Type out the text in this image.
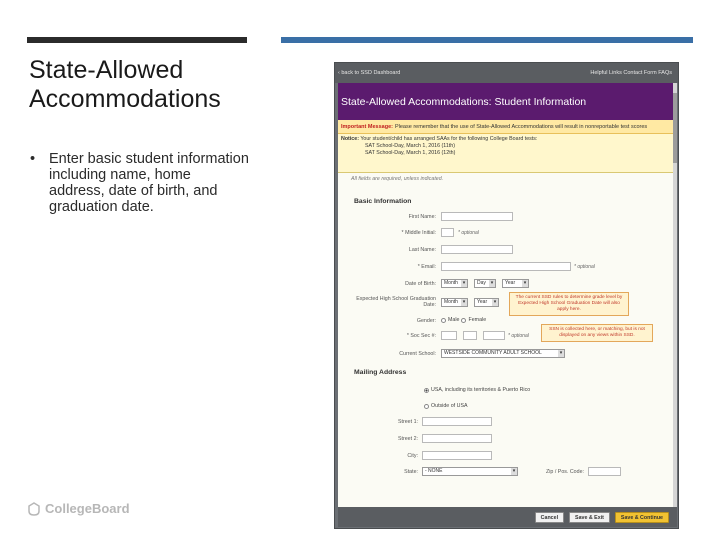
State-Allowed Accommodations
• Enter basic student information including name, home address, date of birth, and graduation date.
CollegeBoard
‹ back to SSD Dashboard	Helpful Links Contact Form FAQs
State-Allowed Accommodations: Student Information
Important Message: Please remember that the use of State-Allowed Accommodations will result in nonreportable test scores
Notice: Your student/child has arranged SAAs for the following College Board tests:
SAT School-Day, March 1, 2016 (11th)
SAT School-Day, March 1, 2016 (12th)
All fields are required, unless indicated.
Basic Information
First Name:
* Middle Initial:	* optional
Last Name:
* Email:	* optional
Date of Birth:	Month ▾	Day ▾	Year ▾
Expected High School Graduation Date:	Month ▾	Year ▾
The current SSD rules to determine grade level by Expected High School Graduation Date will also apply here.
Gender: Male Female
* Soc Sec #:	* optional
SSN is collected here, or matching, but is not displayed on any views within SSD.
Current School:	WESTSIDE COMMUNITY ADULT SCHOOL ▾
Mailing Address
USA, including its territories & Puerto Rico
Outside of USA
Street 1:
Street 2:
City:
State:	- NONE ▾	Zip / Pos. Code:
Cancel	Save & Exit	Save & Continue
